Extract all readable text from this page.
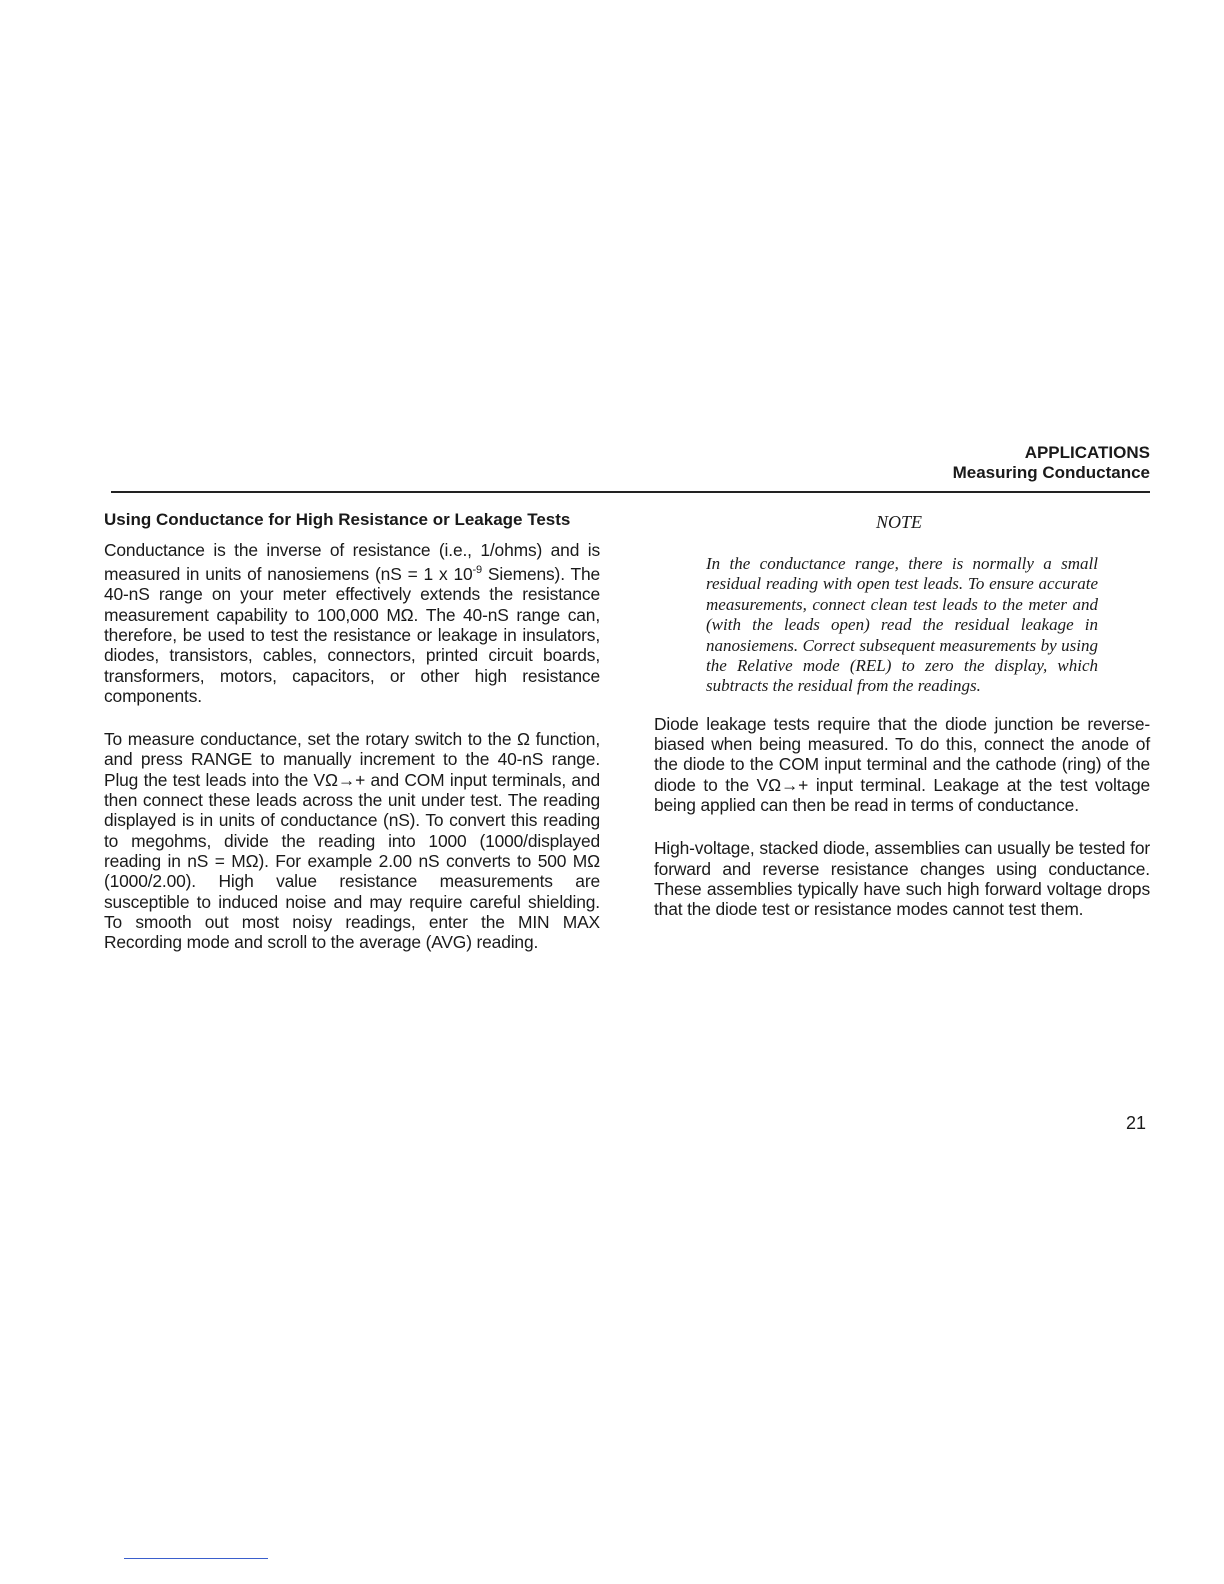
APPLICATIONS
Measuring Conductance
Using Conductance for High Resistance or Leakage Tests

Conductance is the inverse of resistance (i.e., 1/ohms) and is measured in units of nanosiemens (nS = 1 x $10^{-9}$ Siemens). The 40-nS range on your meter effectively extends the resistance measurement capability to 100,000 MΩ. The 40-nS range can, therefore, be used to test the resistance or leakage in insulators, diodes, transistors, cables, connectors, printed circuit boards, transformers, motors, capacitors, or other high resistance components.

To measure conductance, set the rotary switch to the Ω function, and press RANGE to manually increment to the 40-nS range. Plug the test leads into the VΩ→+ and COM input terminals, and then connect these leads across the unit under test. The reading displayed is in units of conductance (nS). To convert this reading to megohms, divide the reading into 1000 (1000/displayed reading in nS = MΩ). For example 2.00 nS converts to 500 MΩ (1000/2.00). High value resistance measurements are susceptible to induced noise and may require careful shielding. To smooth out most noisy readings, enter the MIN MAX Recording mode and scroll to the average (AVG) reading.

NOTE

In the conductance range, there is normally a small residual reading with open test leads. To ensure accurate measurements, connect clean test leads to the meter and (with the leads open) read the residual leakage in nanosiemens. Correct subsequent measurements by using the Relative mode (REL) to zero the display, which subtracts the residual from the readings.

Diode leakage tests require that the diode junction be reverse-biased when being measured. To do this, connect the anode of the diode to the COM input terminal and the cathode (ring) of the diode to the VΩ→+ input terminal. Leakage at the test voltage being applied can then be read in terms of conductance.

High-voltage, stacked diode, assemblies can usually be tested for forward and reverse resistance changes using conductance. These assemblies typically have such high forward voltage drops that the diode test or resistance modes cannot test them.

21
